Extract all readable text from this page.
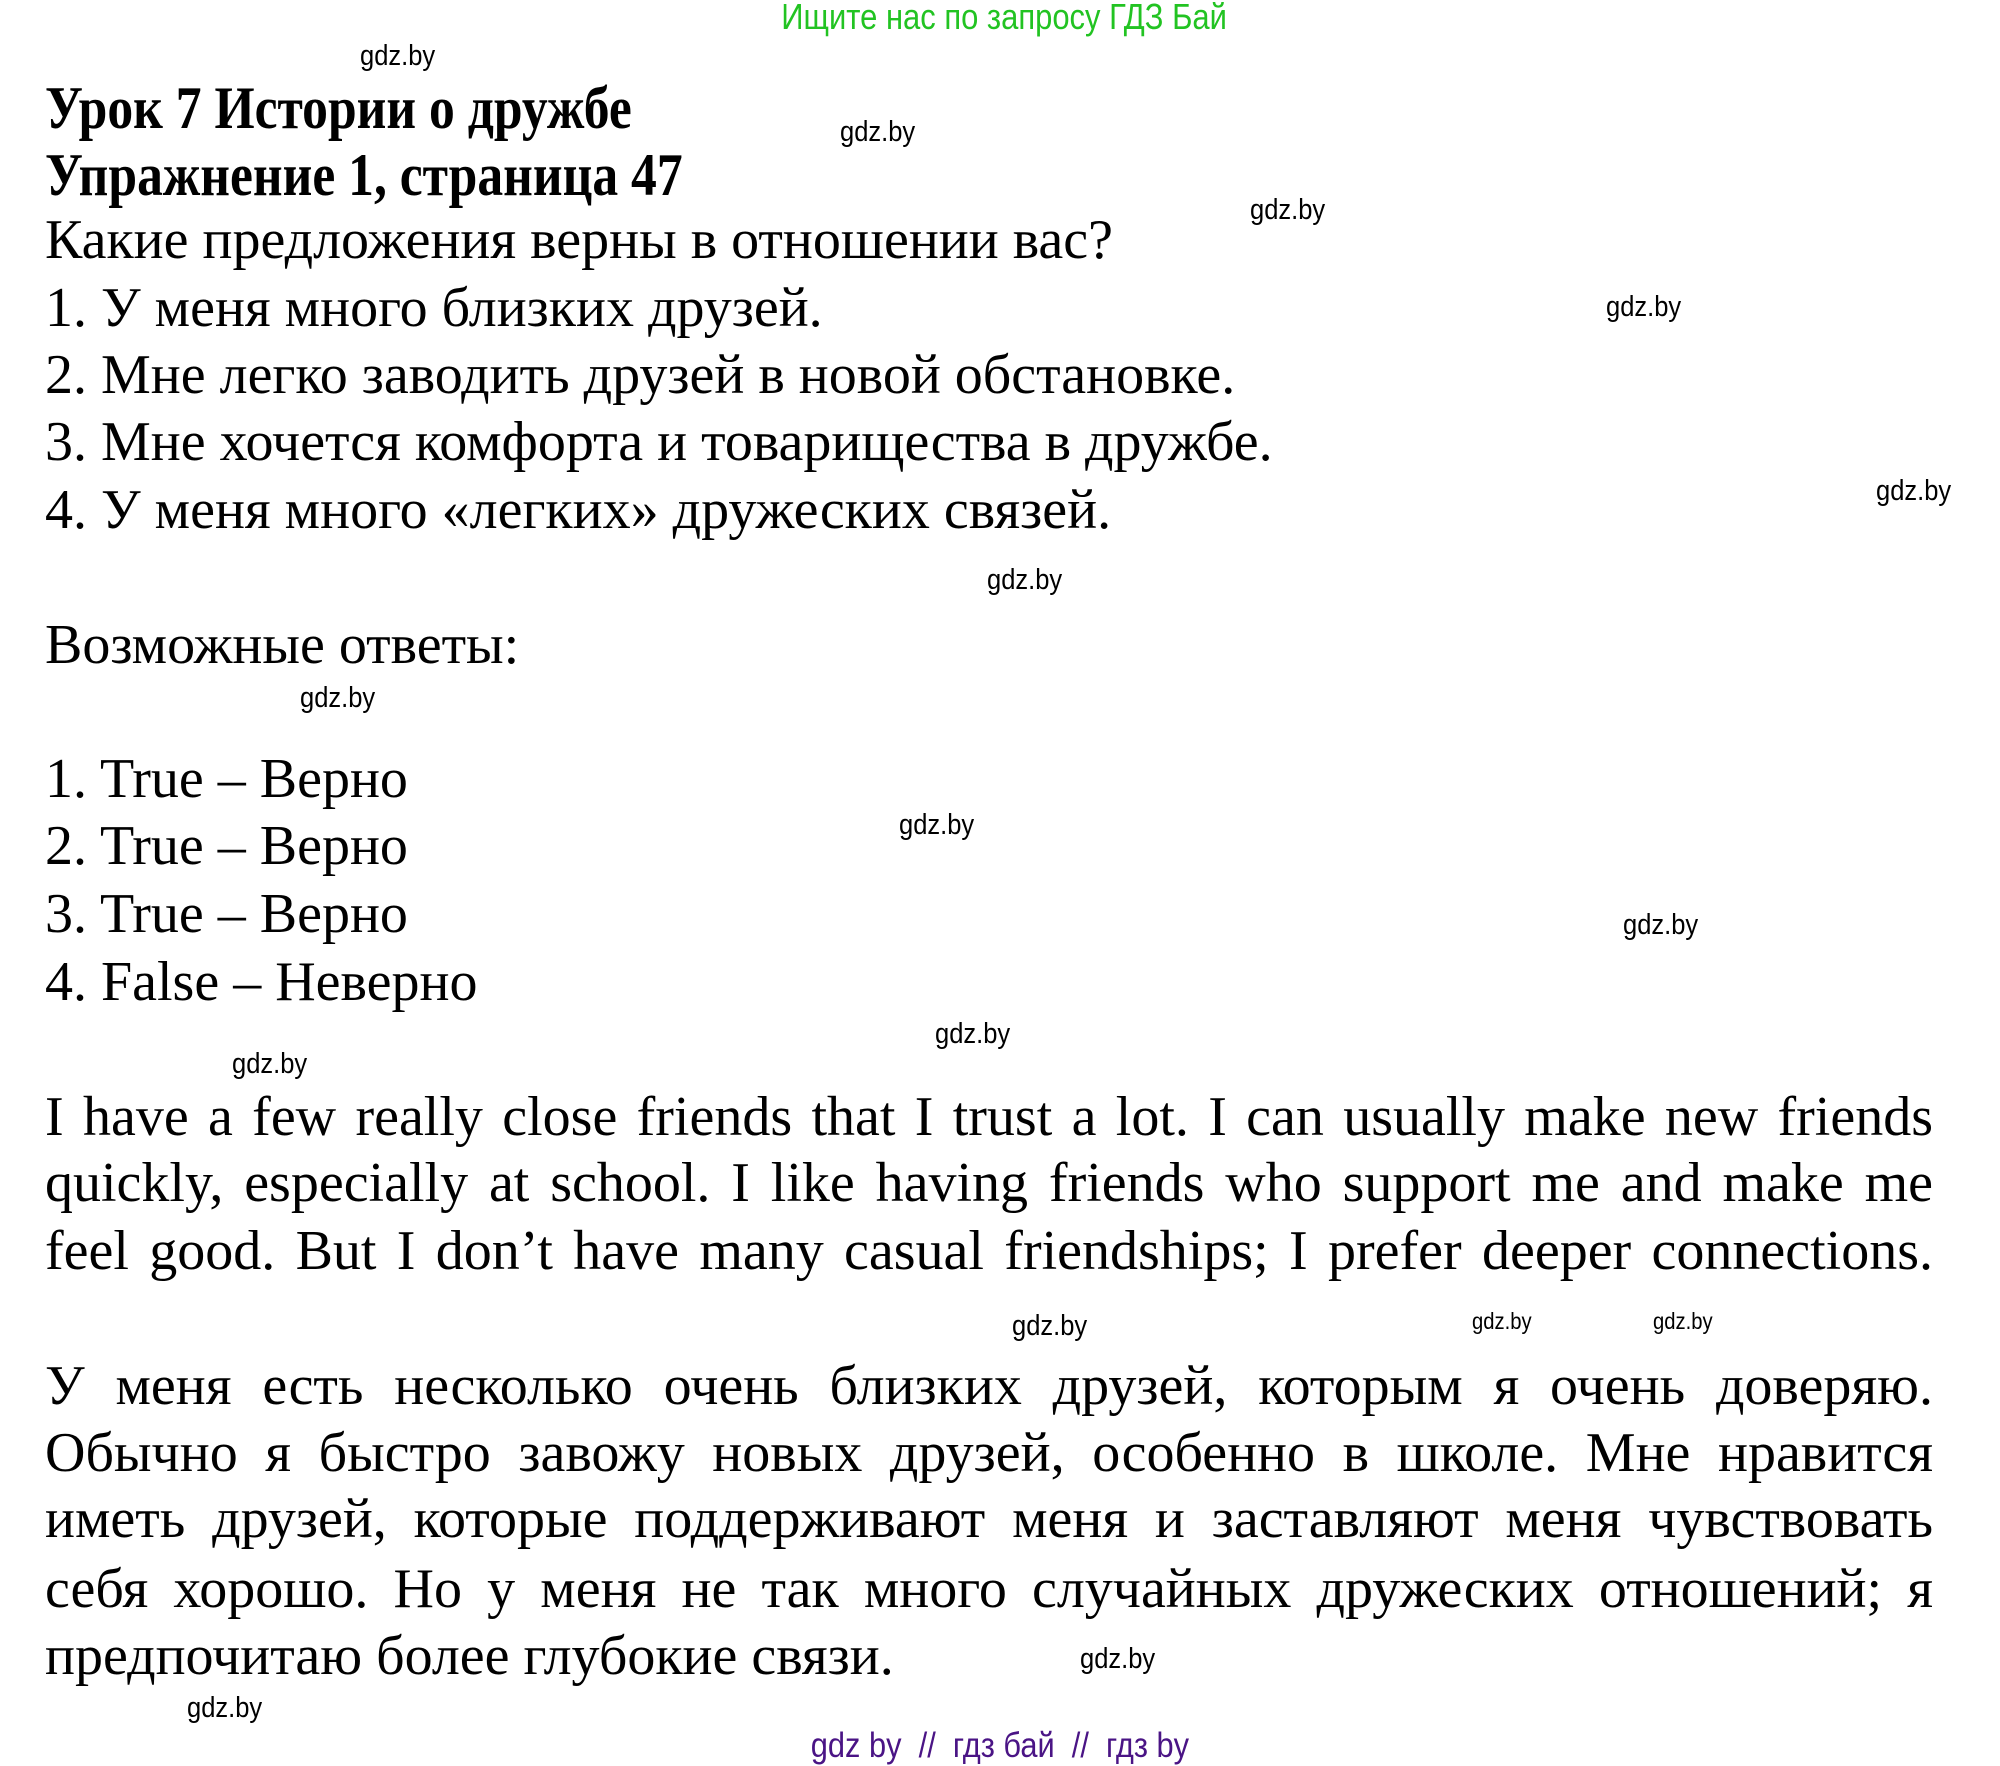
Ищите нас по запросу ГДЗ Бай
Урок 7 Истории о дружбе
Упражнение 1, страница 47
Какие предложения верны в отношении вас?
1. У меня много близких друзей.
2. Мне легко заводить друзей в новой обстановке.
3. Мне хочется комфорта и товарищества в дружбе.
4. У меня много «легких» дружеских связей.
Возможные ответы:
1. True – Верно
2. True – Верно
3. True – Верно
4. False – Неверно
I have a few really close friends that I trust a lot. I can usually make new friends
quickly, especially at school. I like having friends who support me and make me
feel good. But I don’t have many casual friendships; I prefer deeper connections.
У меня есть несколько очень близких друзей, которым я очень доверяю.
Обычно я быстро завожу новых друзей, особенно в школе. Мне нравится
иметь друзей, которые поддерживают меня и заставляют меня чувствовать
себя хорошо. Но у меня не так много случайных дружеских отношений; я
предпочитаю более глубокие связи.
gdz.by
gdz.by
gdz.by
gdz.by
gdz.by
gdz.by
gdz.by
gdz.by
gdz.by
gdz.by
gdz.by
gdz.by	gdz.by	gdz.by
gdz.by
gdz.by
gdz by  //  гдз бай  //  гдз by
